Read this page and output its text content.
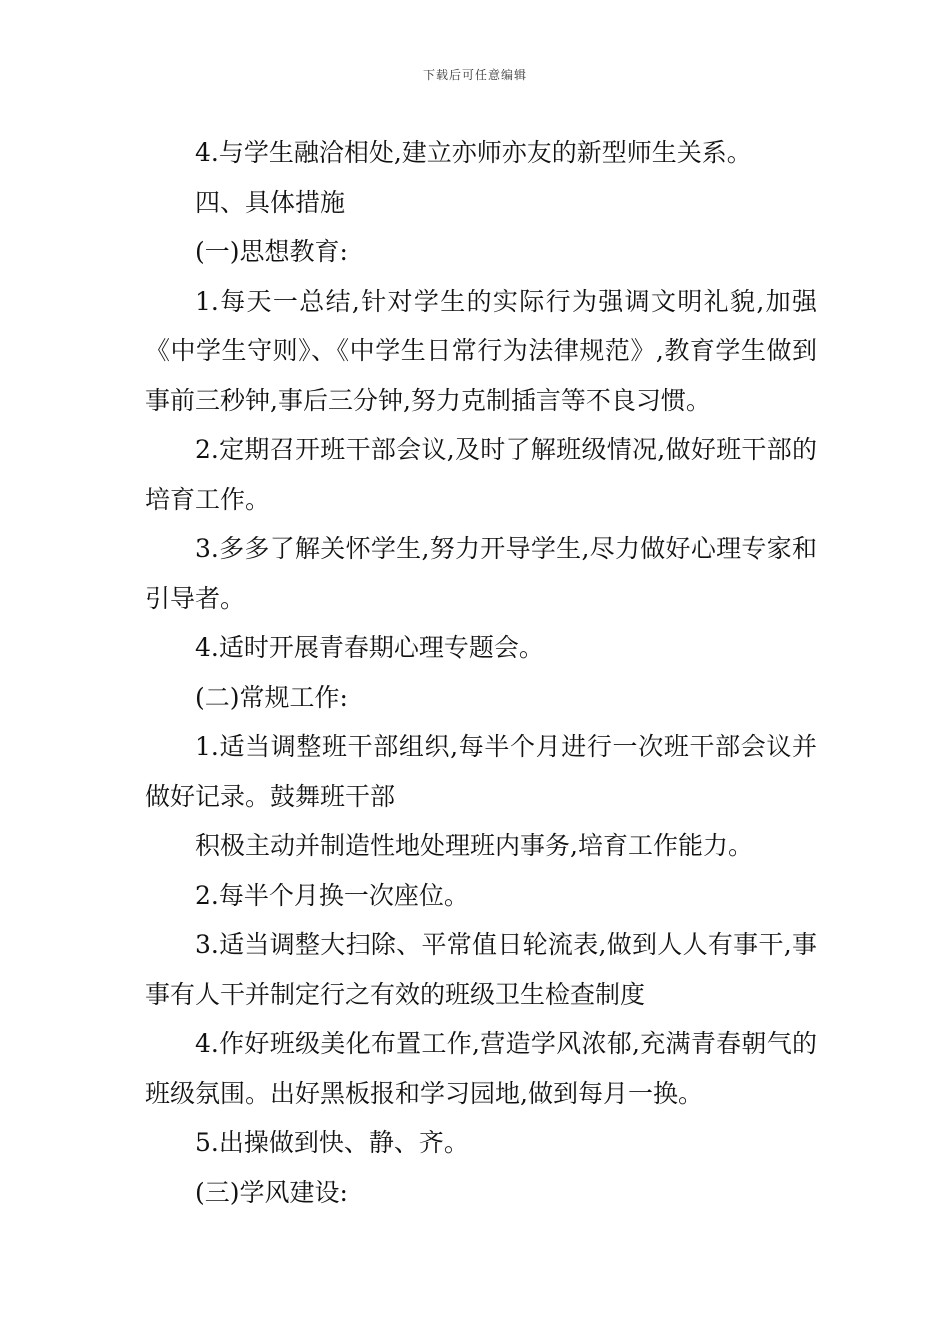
下载后可任意编辑

4.与学生融洽相处,建立亦师亦友的新型师生关系。

四、具体措施

(一)思想教育:

1.每天一总结,针对学生的实际行为强调文明礼貌,加强《中学生守则》、《中学生日常行为法律规范》,教育学生做到事前三秒钟,事后三分钟,努力克制插言等不良习惯。

2.定期召开班干部会议,及时了解班级情况,做好班干部的培育工作。

3.多多了解关怀学生,努力开导学生,尽力做好心理专家和引导者。

4.适时开展青春期心理专题会。

(二)常规工作:

1.适当调整班干部组织,每半个月进行一次班干部会议并做好记录。鼓舞班干部

积极主动并制造性地处理班内事务,培育工作能力。

2.每半个月换一次座位。

3.适当调整大扫除、平常值日轮流表,做到人人有事干,事事有人干并制定行之有效的班级卫生检查制度

4.作好班级美化布置工作,营造学风浓郁,充满青春朝气的班级氛围。出好黑板报和学习园地,做到每月一换。

5.出操做到快、静、齐。

(三)学风建设:
